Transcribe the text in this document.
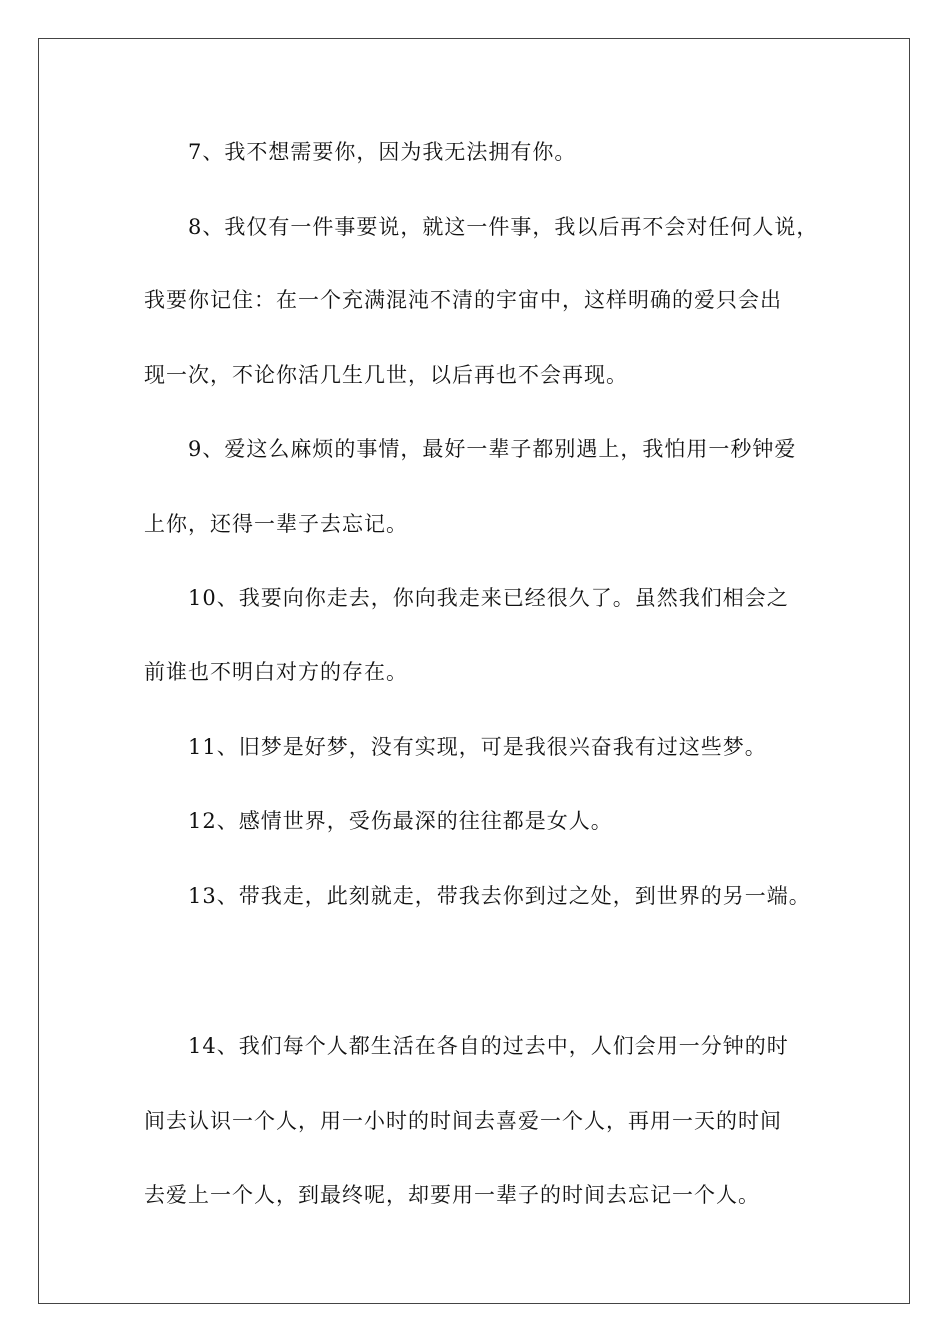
7、我不想需要你，因为我无法拥有你。
8、我仅有一件事要说，就这一件事，我以后再不会对任何人说，
我要你记住：在一个充满混沌不清的宇宙中，这样明确的爱只会出
现一次，不论你活几生几世，以后再也不会再现。
9、爱这么麻烦的事情，最好一辈子都别遇上，我怕用一秒钟爱
上你，还得一辈子去忘记。
10、我要向你走去，你向我走来已经很久了。虽然我们相会之
前谁也不明白对方的存在。
11、旧梦是好梦，没有实现，可是我很兴奋我有过这些梦。
12、感情世界，受伤最深的往往都是女人。
13、带我走，此刻就走，带我去你到过之处，到世界的另一端。
14、我们每个人都生活在各自的过去中，人们会用一分钟的时
间去认识一个人，用一小时的时间去喜爱一个人，再用一天的时间
去爱上一个人，到最终呢，却要用一辈子的时间去忘记一个人。
